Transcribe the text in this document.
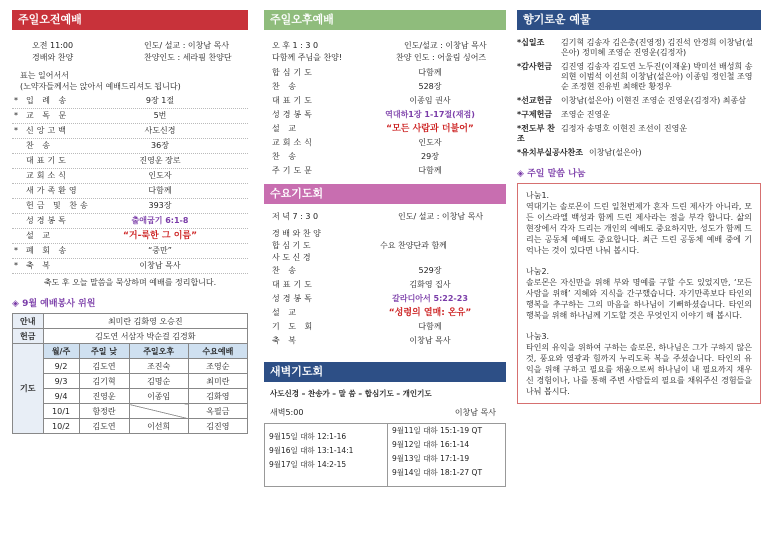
주일오전예배
오전 11:00	인도/ 설교 : 이창남 목사
경배와 찬양	찬양인도 : 세라핌 찬양단
표는 일어서서
(노약자들께서는 앉아서 예배드리셔도 됩니다)
* 입 례 송	9장 1절
* 교 독 문	5번
* 신앙고백	사도신경
찬 송	36장
대표기도	진영운 장로
교회소식	인도자
새가족환영	다함께
헌금 및 찬송	393장
성경봉독	출애굽기 6:1-8
설 교	“거-룩한 그 이름”
* 폐 회 송	“중만”
* 축 복	이창남 목사
축도 후 오늘 말씀을 묵상하며 예배를 정리합니다.
◈ 9월 예배봉사 위원
안내	최미란 김화영 오승진			
헌금	김도연 서삼자 박순걸 김경화			
기도	월/주	주일 낮	주일오후	수요예배
	9/2	김도연	조진숙	조영순
	9/3	김기혁	김명순	최미란
	9/4	진영운	이종임	김화영
	10/1	함정란		옥필금
	10/2	김도연	이선희	김진영
주일오후예배
오 후 1 : 3 0	인도/설교 : 이창남 목사
다함께 주님을 찬양!	찬양 인도 : 어울림 싱어즈
합심기도	다함께
찬 송	528장
대표기도	이종임 권사
성경봉독	역대하1장 1-17절(재점)
설 교	“모든 사람과 더불어”
교회소식	인도자
찬 송	29장
주기도문	다함께
수요기도회
저 녁 7 : 3 0	인도/ 설교 : 이창남 목사
경 배 와 찬 양
합 심 기 도
사 도 신 경
수요 찬양단과 함께
찬 송	529장
대표기도	김화영 집사
성경봉독	갈라디아서 5:22-23
설 교	“성령의 열매: 온유”
기 도 회	다함께
축 복	이창남 목사
새벽기도회
사도신경 – 찬송가 – 말 씀 – 합심기도 – 개인기도
새벽5:00	이창남 목사
9월15일 대하 12:1-16
9월16일 대하 13:1-14:1
9월17일 대하 14:2-15
9월11일 대하 15:1-19 QT
9월12일 대하 16:1-14
9월13일 대하 17:1-19
9월14일 대하 18:1-27 QT
향기로운 예물
*십일조	김기혁 김송자 김은총(진영정) 김진석 안경희 이창남(설은아) 정미혜 조영순 진영운(김정자)
*감사헌금	김진영 김송자 김도연 노두진(이재윤) 박미선 배성희 송의현 이범석 이선희 이창남(설은아) 이종임 정인철 조영순 조정현 진유빈 최해란 황정우
*선교헌금	이창남(설은아) 이현진 조영순 진영운(김정자) 최종삼
*구제헌금	조영순 진영운
*전도부 찬조
김정자 송명호 이현진 조선이 진영운
*유치부실공사찬조 이창남(설은아)
◈ 주일 말씀 나눔

나눔1.
역대기는 솔로몬이 드린 일천번제가 혼자 드린 제사가 아니라, 모든 이스라엘 백성과 함께 드린 제사라는 점을 부각 합니다. 삶의 현장에서 각자 드리는 개인의 예배도 중요하지만, 성도가 함께 드리는 공동체 예배도 중요합니다. 최근 드린 공동체 예배 중에 기억나는 것이 있다면 나눠 봅시다.

나눔2.
솔로몬은 자신만을 위해 부와 명예를 구할 수도 있었지만, ‘모든 사람을 위해’ 지혜와 지식을 간구했습니다. 자기만족보다 타인의 행복을 추구하는 그의 마음을 하나님이 기뻐하셨습니다. 타인의 행복을 위해 하나님께 기도할 것은 무엇인지 이야기 해 봅시다.

나눔3.
타인의 유익을 위하여 구하는 솔로몬, 하나님은 그가 구하지 않은 것, 풍요와 영광과 힘까지 누리도록 복을 주셨습니다. 타인의 유익을 위해 구하고 필요를 채움으로써 하나님이 내 필요까지 채우신 경험이나, 나를 통해 주변 사람들의 필요를 채워주신 경험들을 나눠 봅시다.
